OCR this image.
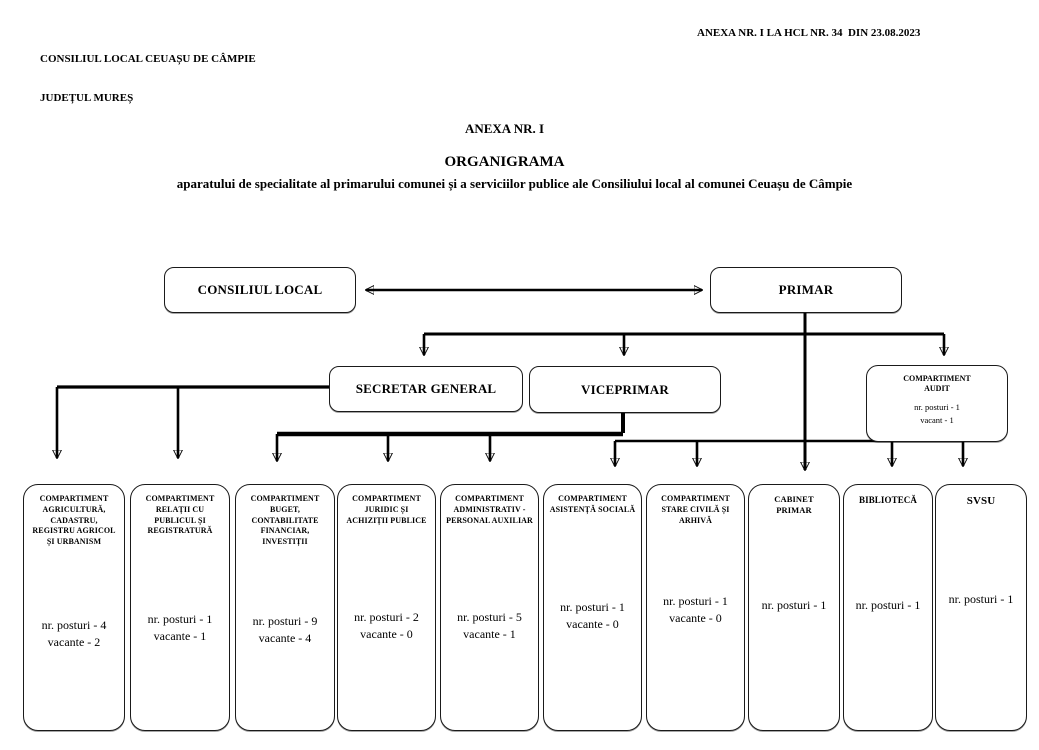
CONSILIUL LOCAL CEUAȘU DE CÂMPIE

JUDEȚUL MUREȘ

ANEXA NR. I LA HCL NR. 34  DIN 23.08.2023
ANEXA NR. I
ORGANIGRAMA
aparatului de specialitate al primarului comunei și a serviciilor publice ale Consiliului local al comunei Ceuașu de Câmpie
CONSILIUL LOCAL	PRIMAR
SECRETAR GENERAL	VICEPRIMAR
COMPARTIMENT AUDIT
nr. posturi - 1
vacant - 1
COMPARTIMENT AGRICULTURĂ, CADASTRU, REGISTRU AGRICOL ȘI URBANISM
nr. posturi - 4
vacante - 2
COMPARTIMENT RELAȚII CU PUBLICUL ȘI REGISTRATURĂ
nr. posturi - 1
vacante - 1
COMPARTIMENT BUGET, CONTABILITATE FINANCIAR, INVESTIȚII
nr. posturi - 9
vacante - 4
COMPARTIMENT JURIDIC ȘI ACHIZIȚII PUBLICE
nr. posturi - 2
vacante - 0
COMPARTIMENT ADMINISTRATIV - PERSONAL AUXILIAR
nr. posturi - 5
vacante - 1
COMPARTIMENT ASISTENȚĂ SOCIALĂ
nr. posturi - 1
vacante - 0
COMPARTIMENT STARE CIVILĂ ȘI ARHIVĂ
nr. posturi - 1
vacante - 0
CABINET PRIMAR
nr. posturi - 1
BIBLIOTECĂ
nr. posturi - 1
SVSU
nr. posturi - 1
